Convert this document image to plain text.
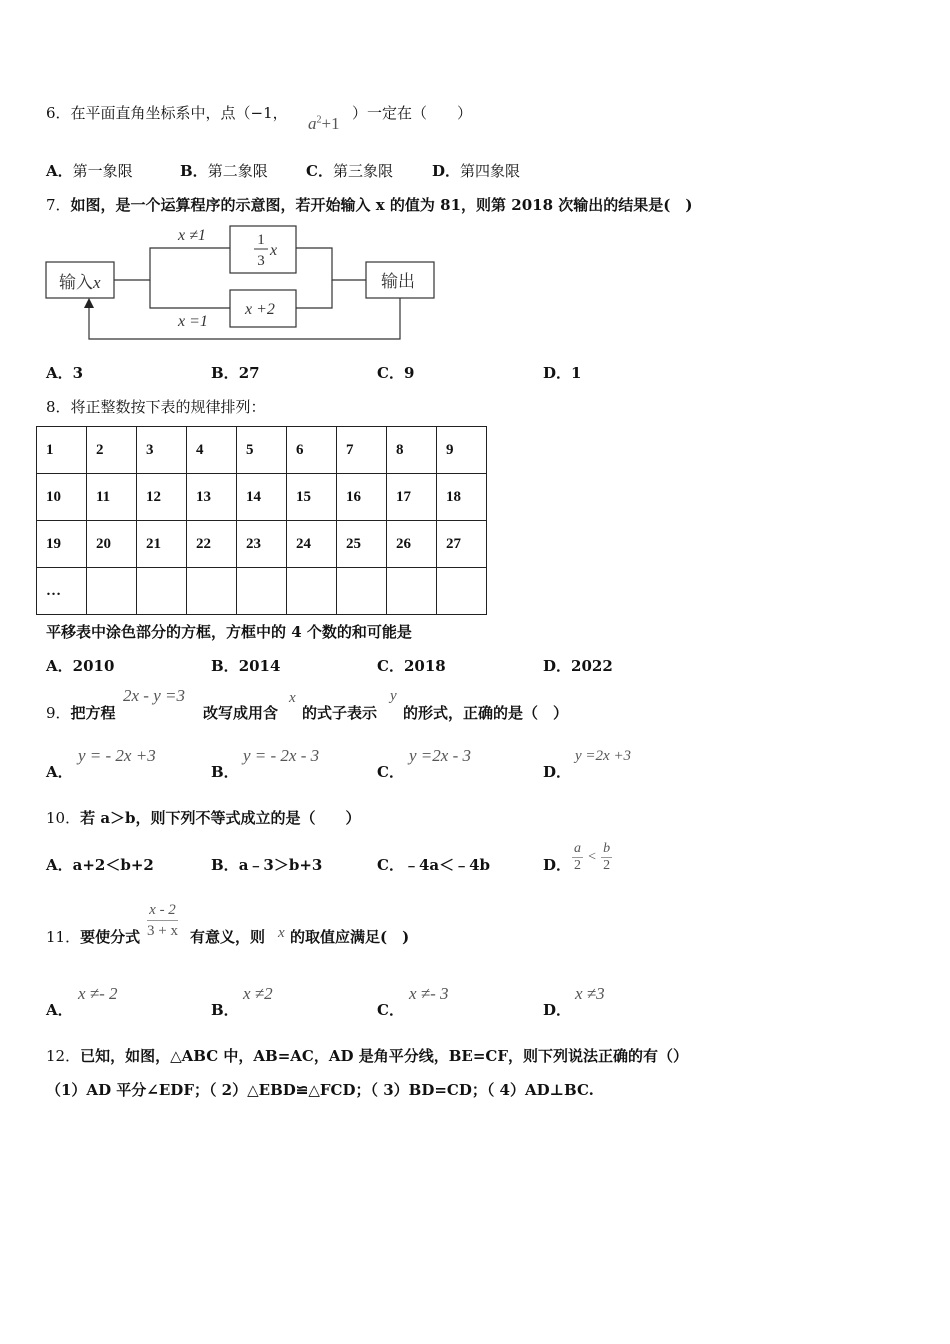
6．在平面直角坐标系中，点（−1，
$a^2+1$
）一定在（　　）
A．第一象限	B．第二象限	C．第三象限	D．第四象限
7．如图，是一个运算程序的示意图，若开始输入 x 的值为 81，则第 2018 次输出的结果是(　)
输入x	输出
x ≠1	1
3
x
x +2
x =1
A．3	B．27	C．9	D．1
8．将正整数按下表的规律排列：
1	2	3	4	5	6	7	8	9
10	11	12	13	14	15	16	17	18
19	20	21	22	23	24	25	26	27
…								
平移表中涂色部分的方框，方框中的 4 个数的和可能是
A．2010	B．2014	C．2018	D．2022
9．把方程
2x - y =3
改写成用含
x
的式子表示
y
的形式，正确的是（　）
A．
y = - 2x +3
B．
y = - 2x - 3
C．
y =2x - 3
D．
y =2x +3
10．若 a＞b，则下列不等式成立的是（　　）
A．a+2＜b+2	B．a﹣3＞b+3	C．﹣4a＜﹣4b	D． $\frac{a}{2} < \frac{b}{2}$
11．要使分式 $\frac{x - 2}{3 + x}$ 有意义，则 x 的取值应满足(　)
A．
x ≠- 2
B．
x ≠2
C．
x ≠- 3
D．
x ≠3
12．已知，如图，△ABC 中，AB=AC，AD 是角平分线，BE=CF，则下列说法正确的有（）
（1）AD 平分∠EDF；（ 2）△EBD≌△FCD；（ 3）BD=CD；（ 4）AD⊥BC.
